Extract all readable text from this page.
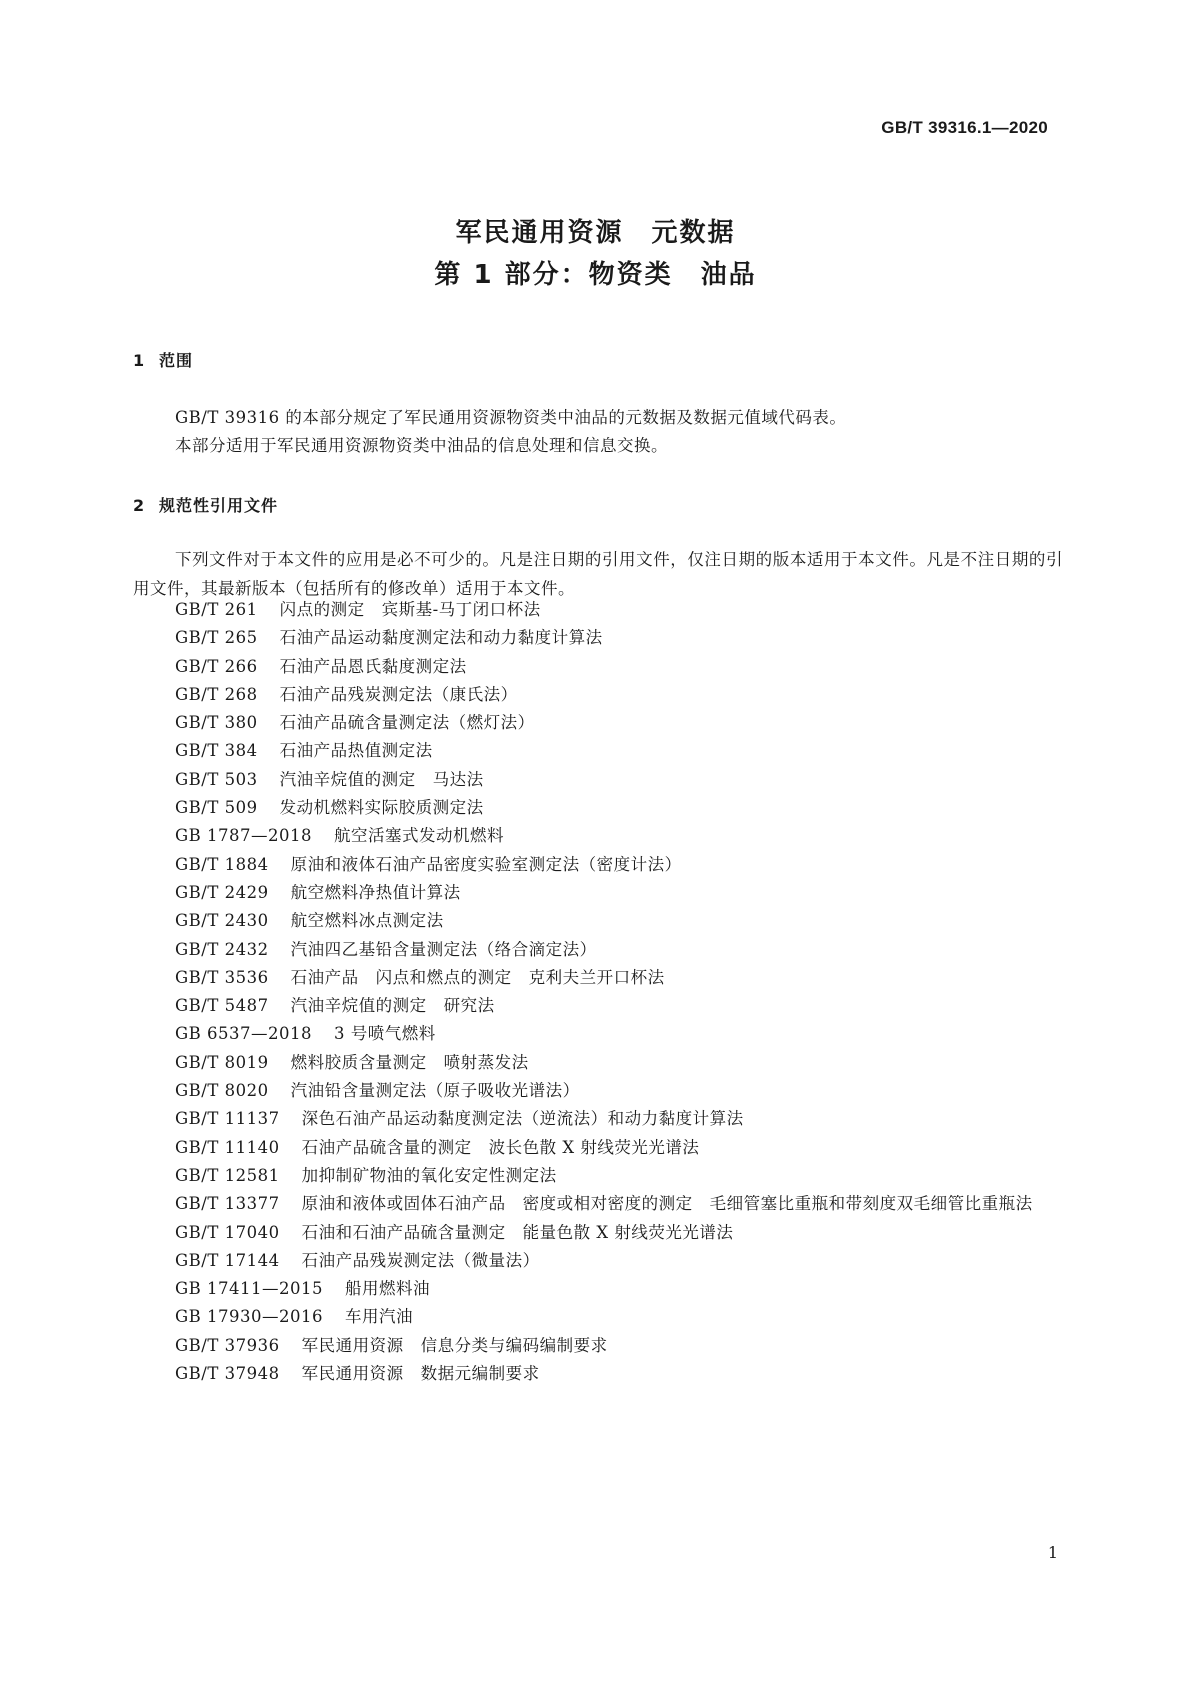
GB/T 39316.1—2020

军民通用资源　元数据
第 1 部分：物资类　油品
1 范围

GB/T 39316 的本部分规定了军民通用资源物资类中油品的元数据及数据元值域代码表。

本部分适用于军民通用资源物资类中油品的信息处理和信息交换。

2 规范性引用文件

下列文件对于本文件的应用是必不可少的。凡是注日期的引用文件，仅注日期的版本适用于本文件。凡是不注日期的引用文件，其最新版本（包括所有的修改单）适用于本文件。

GB/T 261 闪点的测定　宾斯基-马丁闭口杯法
GB/T 265 石油产品运动黏度测定法和动力黏度计算法
GB/T 266 石油产品恩氏黏度测定法
GB/T 268 石油产品残炭测定法（康氏法）
GB/T 380 石油产品硫含量测定法（燃灯法）
GB/T 384 石油产品热值测定法
GB/T 503 汽油辛烷值的测定　马达法
GB/T 509 发动机燃料实际胶质测定法
GB 1787—2018 航空活塞式发动机燃料
GB/T 1884 原油和液体石油产品密度实验室测定法（密度计法）
GB/T 2429 航空燃料净热值计算法
GB/T 2430 航空燃料冰点测定法
GB/T 2432 汽油四乙基铅含量测定法（络合滴定法）
GB/T 3536 石油产品　闪点和燃点的测定　克利夫兰开口杯法
GB/T 5487 汽油辛烷值的测定　研究法
GB 6537—2018 3 号喷气燃料
GB/T 8019 燃料胶质含量测定　喷射蒸发法
GB/T 8020 汽油铅含量测定法（原子吸收光谱法）
GB/T 11137 深色石油产品运动黏度测定法（逆流法）和动力黏度计算法
GB/T 11140 石油产品硫含量的测定　波长色散 X 射线荧光光谱法
GB/T 12581 加抑制矿物油的氧化安定性测定法
GB/T 13377 原油和液体或固体石油产品　密度或相对密度的测定　毛细管塞比重瓶和带刻度双毛细管比重瓶法
GB/T 17040 石油和石油产品硫含量测定　能量色散 X 射线荧光光谱法
GB/T 17144 石油产品残炭测定法（微量法）
GB 17411—2015 船用燃料油
GB 17930—2016 车用汽油
GB/T 37936 军民通用资源　信息分类与编码编制要求
GB/T 37948 军民通用资源　数据元编制要求

1
